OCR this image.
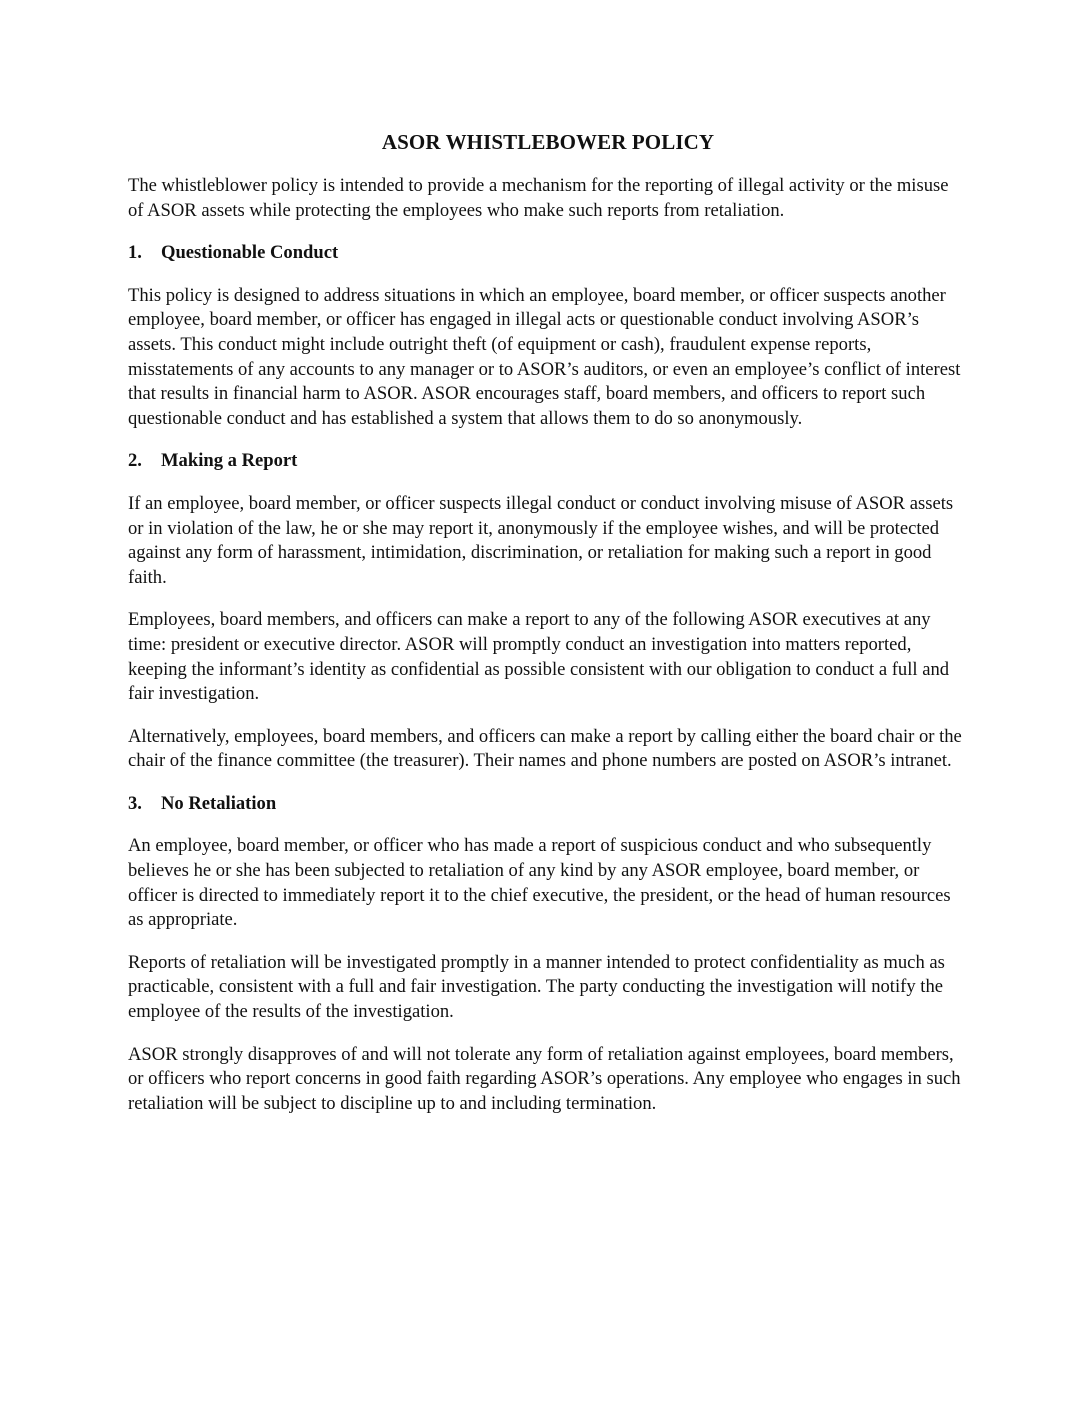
ASOR WHISTLEBOWER POLICY

The whistleblower policy is intended to provide a mechanism for the reporting of illegal activity or the misuse of ASOR assets while protecting the employees who make such reports from retaliation.

1.	Questionable Conduct

This policy is designed to address situations in which an employee, board member, or officer suspects another employee, board member, or officer has engaged in illegal acts or questionable conduct involving ASOR’s assets. This conduct might include outright theft (of equipment or cash), fraudulent expense reports, misstatements of any accounts to any manager or to ASOR’s auditors, or even an employee’s conflict of interest that results in financial harm to ASOR. ASOR encourages staff, board members, and officers to report such questionable conduct and has established a system that allows them to do so anonymously.

2.	Making a Report

If an employee, board member, or officer suspects illegal conduct or conduct involving misuse of ASOR assets or in violation of the law, he or she may report it, anonymously if the employee wishes, and will be protected against any form of harassment, intimidation, discrimination, or retaliation for making such a report in good faith.

Employees, board members, and officers can make a report to any of the following ASOR executives at any time: president or executive director. ASOR will promptly conduct an investigation into matters reported, keeping the informant’s identity as confidential as possible consistent with our obligation to conduct a full and fair investigation.

Alternatively, employees, board members, and officers can make a report by calling either the board chair or the chair of the finance committee (the treasurer). Their names and phone numbers are posted on ASOR’s intranet.

3.	No Retaliation

An employee, board member, or officer who has made a report of suspicious conduct and who subsequently believes he or she has been subjected to retaliation of any kind by any ASOR employee, board member, or officer is directed to immediately report it to the chief executive, the president, or the head of human resources as appropriate.

Reports of retaliation will be investigated promptly in a manner intended to protect confidentiality as much as practicable, consistent with a full and fair investigation. The party conducting the investigation will notify the employee of the results of the investigation.

ASOR strongly disapproves of and will not tolerate any form of retaliation against employees, board members, or officers who report concerns in good faith regarding ASOR’s operations. Any employee who engages in such retaliation will be subject to discipline up to and including termination.
